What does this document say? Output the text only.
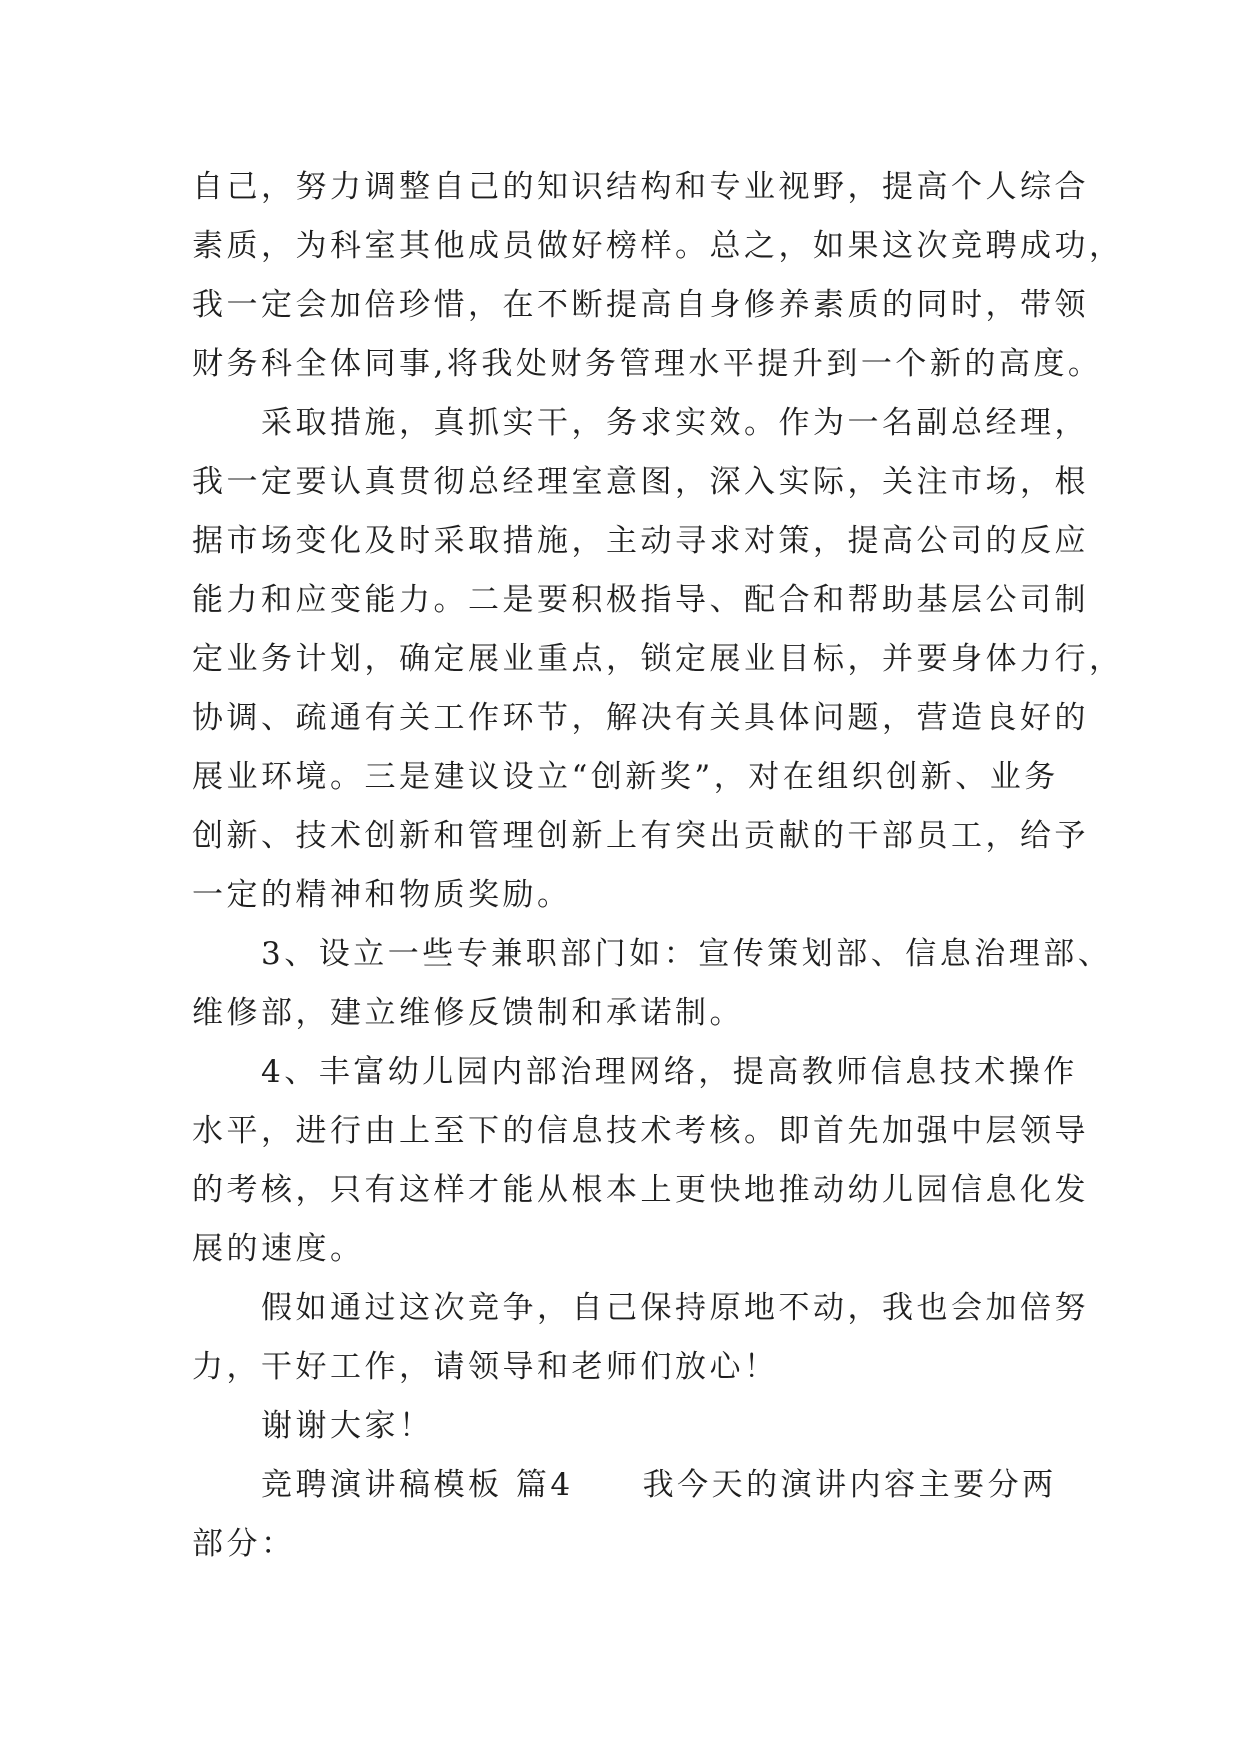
自己，努力调整自己的知识结构和专业视野，提高个人综合
素质，为科室其他成员做好榜样。总之，如果这次竞聘成功，
我一定会加倍珍惜，在不断提高自身修养素质的同时，带领
财务科全体同事,将我处财务管理水平提升到一个新的高度。
　　采取措施，真抓实干，务求实效。作为一名副总经理，
我一定要认真贯彻总经理室意图，深入实际，关注市场，根
据市场变化及时采取措施，主动寻求对策，提高公司的反应
能力和应变能力。二是要积极指导、配合和帮助基层公司制
定业务计划，确定展业重点，锁定展业目标，并要身体力行，
协调、疏通有关工作环节，解决有关具体问题，营造良好的
展业环境。三是建议设立“创新奖”，对在组织创新、业务
创新、技术创新和管理创新上有突出贡献的干部员工，给予
一定的精神和物质奖励。
　　3、设立一些专兼职部门如：宣传策划部、信息治理部、
维修部，建立维修反馈制和承诺制。
　　4、丰富幼儿园内部治理网络，提高教师信息技术操作
水平，进行由上至下的信息技术考核。即首先加强中层领导
的考核，只有这样才能从根本上更快地推动幼儿园信息化发
展的速度。
　　假如通过这次竞争，自己保持原地不动，我也会加倍努
力，干好工作，请领导和老师们放心！
　　谢谢大家！
　　竞聘演讲稿模板 篇4　　我今天的演讲内容主要分两
部分：
